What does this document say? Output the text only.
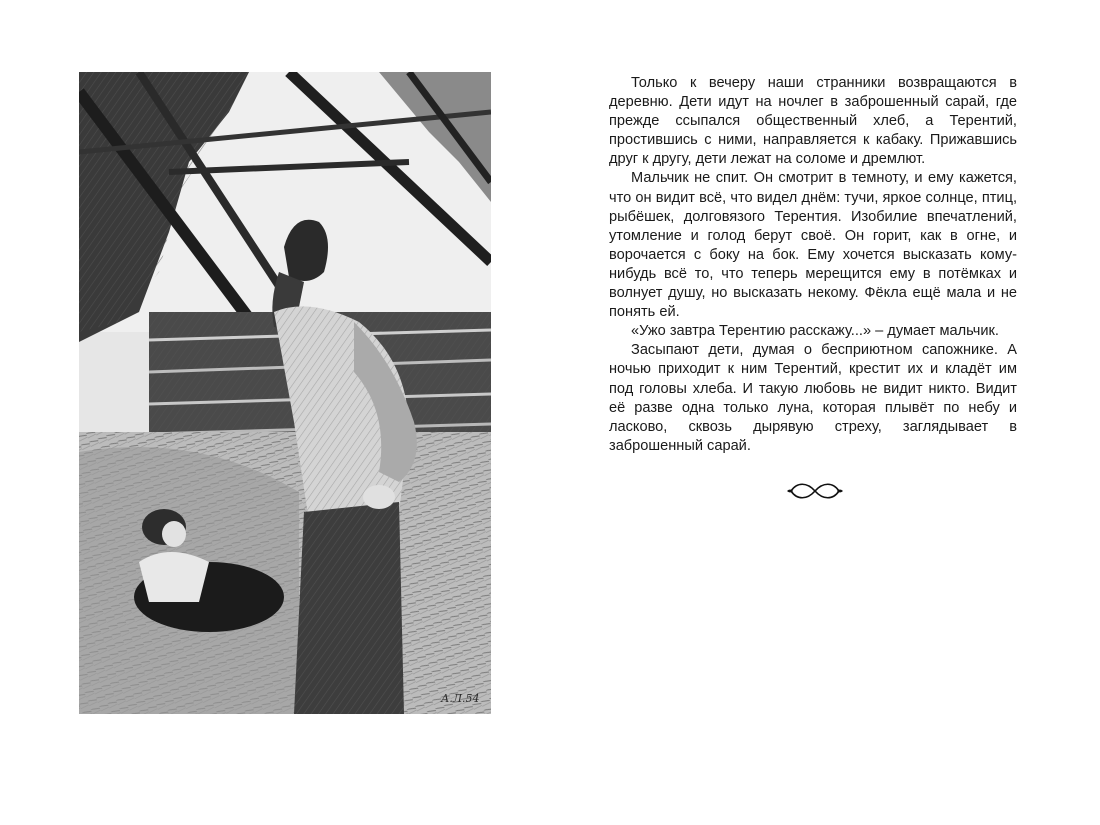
А.Л.54

Только к вечеру наши странники возвращаются в деревню. Дети идут на ночлег в заброшенный сарай, где прежде ссыпался общественный хлеб, а Терентий, простившись с ними, направляется к кабаку. Прижавшись друг к другу, дети лежат на соломе и дремлют.

Мальчик не спит. Он смотрит в темноту, и ему кажется, что он видит всё, что видел днём: тучи, яркое солнце, птиц, рыбёшек, долговязого Терентия. Изобилие впечатлений, утомление и голод берут своё. Он горит, как в огне, и ворочается с боку на бок. Ему хочется высказать кому-нибудь всё то, что теперь мерещится ему в потёмках и волнует душу, но высказать некому. Фёкла ещё мала и не понять ей.

«Ужо завтра Терентию расскажу...» – думает мальчик.

Засыпают дети, думая о бесприютном сапожнике. А ночью приходит к ним Терентий, крестит их и кладёт им под головы хлеба. И такую любовь не видит никто. Видит её разве одна только луна, которая плывёт по небу и ласково, сквозь дырявую стреху, заглядывает в заброшенный сарай.
